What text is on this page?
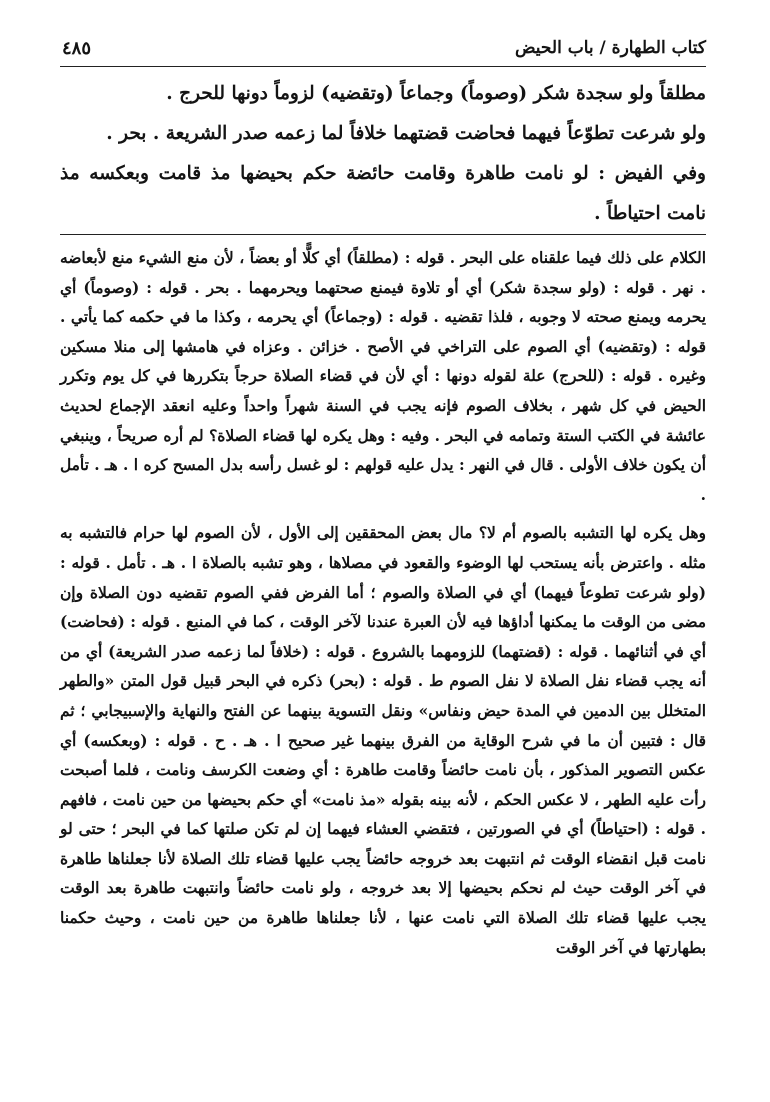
كتاب الطهارة / باب الحيض
٤٨٥

مطلقاً ولو سجدة شكر (وصوماً) وجماعاً (وتقضيه) لزوماً دونها للحرج .

ولو شرعت تطوّعاً فيهما فحاضت قضتهما خلافاً لما زعمه صدر الشريعة . بحر .

وفي الفيض : لو نامت طاهرة وقامت حائضة حكم بحيضها مذ قامت وبعكسه مذ نامت احتياطاً .

الكلام على ذلك فيما علقناه على البحر . قوله : (مطلقاً) أي كلًّا أو بعضاً ، لأن منع الشيء منع لأبعاضه . نهر . قوله : (ولو سجدة شكر) أي أو تلاوة فيمنع صحتهما ويحرمهما . بحر . قوله : (وصوماً) أي يحرمه ويمنع صحته لا وجوبه ، فلذا تقضيه . قوله : (وجماعاً) أي يحرمه ، وكذا ما في حكمه كما يأتي . قوله : (وتقضيه) أي الصوم على التراخي في الأصح . خزائن . وعزاه في هامشها إلى منلا مسكين وغيره . قوله : (للحرج) علة لقوله دونها : أي لأن في قضاء الصلاة حرجاً بتكررها في كل يوم وتكرر الحيض في كل شهر ، بخلاف الصوم فإنه يجب في السنة شهراً واحداً وعليه انعقد الإجماع لحديث عائشة في الكتب الستة وتمامه في البحر . وفيه : وهل يكره لها قضاء الصلاة؟ لم أره صريحاً ، وينبغي أن يكون خلاف الأولى . قال في النهر : يدل عليه قولهم : لو غسل رأسه بدل المسح كره ا . هـ . تأمل .

وهل يكره لها التشبه بالصوم أم لا؟ مال بعض المحققين إلى الأول ، لأن الصوم لها حرام فالتشبه به مثله . واعترض بأنه يستحب لها الوضوء والقعود في مصلاها ، وهو تشبه بالصلاة ا . هـ . تأمل . قوله : (ولو شرعت تطوعاً فيهما) أي في الصلاة والصوم ؛ أما الفرض ففي الصوم تقضيه دون الصلاة وإن مضى من الوقت ما يمكنها أداؤها فيه لأن العبرة عندنا لآخر الوقت ، كما في المنبع . قوله : (فحاضت) أي في أثنائهما . قوله : (قضتهما) للزومهما بالشروع . قوله : (خلافاً لما زعمه صدر الشريعة) أي من أنه يجب قضاء نفل الصلاة لا نفل الصوم ط . قوله : (بحر) ذكره في البحر قبيل قول المتن «والطهر المتخلل بين الدمين في المدة حيض ونفاس» ونقل التسوية بينهما عن الفتح والنهاية والإسبيجابي ؛ ثم قال : فتبين أن ما في شرح الوقاية من الفرق بينهما غير صحيح ا . هـ . ح . قوله : (وبعكسه) أي عكس التصوير المذكور ، بأن نامت حائضاً وقامت طاهرة : أي وضعت الكرسف ونامت ، فلما أصبحت رأت عليه الطهر ، لا عكس الحكم ، لأنه بينه بقوله «مذ نامت» أي حكم بحيضها من حين نامت ، فافهم . قوله : (احتياطاً) أي في الصورتين ، فتقضي العشاء فيهما إن لم تكن صلتها كما في البحر ؛ حتى لو نامت قبل انقضاء الوقت ثم انتبهت بعد خروجه حائضاً يجب عليها قضاء تلك الصلاة لأنا جعلناها طاهرة في آخر الوقت حيث لم نحكم بحيضها إلا بعد خروجه ، ولو نامت حائضاً وانتبهت طاهرة بعد الوقت يجب عليها قضاء تلك الصلاة التي نامت عنها ، لأنا جعلناها طاهرة من حين نامت ، وحيث حكمنا بطهارتها في آخر الوقت
